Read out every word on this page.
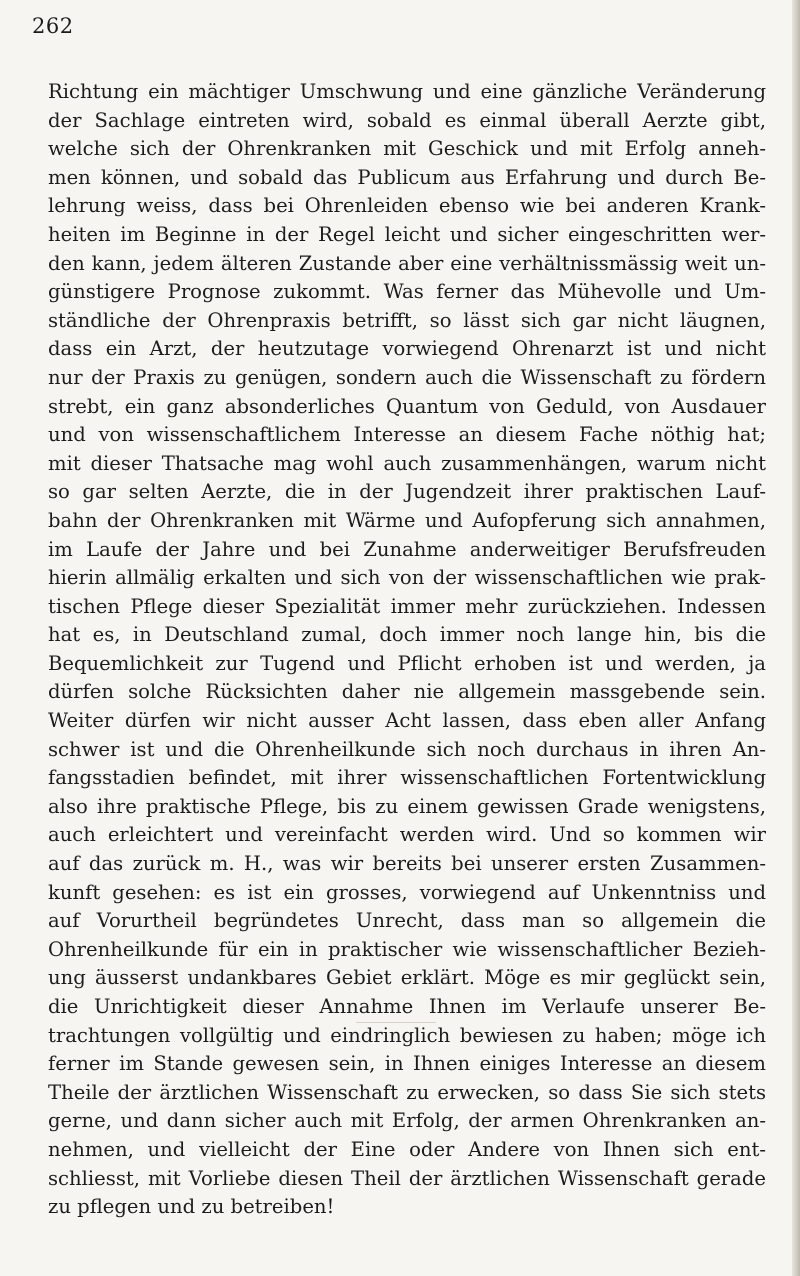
262
Richtung ein mächtiger Umschwung und eine gänzliche Veränderung
der Sachlage eintreten wird, sobald es einmal überall Aerzte gibt,
welche sich der Ohrenkranken mit Geschick und mit Erfolg anneh-
men können, und sobald das Publicum aus Erfahrung und durch Be-
lehrung weiss, dass bei Ohrenleiden ebenso wie bei anderen Krank-
heiten im Beginne in der Regel leicht und sicher eingeschritten wer-
den kann, jedem älteren Zustande aber eine verhältnissmässig weit un-
günstigere Prognose zukommt. Was ferner das Mühevolle und Um-
ständliche der Ohrenpraxis betrifft, so lässt sich gar nicht läugnen,
dass ein Arzt, der heutzutage vorwiegend Ohrenarzt ist und nicht
nur der Praxis zu genügen, sondern auch die Wissenschaft zu fördern
strebt, ein ganz absonderliches Quantum von Geduld, von Ausdauer
und von wissenschaftlichem Interesse an diesem Fache nöthig hat;
mit dieser Thatsache mag wohl auch zusammenhängen, warum nicht
so gar selten Aerzte, die in der Jugendzeit ihrer praktischen Lauf-
bahn der Ohrenkranken mit Wärme und Aufopferung sich annahmen,
im Laufe der Jahre und bei Zunahme anderweitiger Berufsfreuden
hierin allmälig erkalten und sich von der wissenschaftlichen wie prak-
tischen Pflege dieser Spezialität immer mehr zurückziehen. Indessen
hat es, in Deutschland zumal, doch immer noch lange hin, bis die
Bequemlichkeit zur Tugend und Pflicht erhoben ist und werden, ja
dürfen solche Rücksichten daher nie allgemein massgebende sein.
Weiter dürfen wir nicht ausser Acht lassen, dass eben aller Anfang
schwer ist und die Ohrenheilkunde sich noch durchaus in ihren An-
fangsstadien befindet, mit ihrer wissenschaftlichen Fortentwicklung
also ihre praktische Pflege, bis zu einem gewissen Grade wenigstens,
auch erleichtert und vereinfacht werden wird. Und so kommen wir
auf das zurück m. H., was wir bereits bei unserer ersten Zusammen-
kunft gesehen: es ist ein grosses, vorwiegend auf Unkenntniss und
auf Vorurtheil begründetes Unrecht, dass man so allgemein die
Ohrenheilkunde für ein in praktischer wie wissenschaftlicher Bezieh-
ung äusserst undankbares Gebiet erklärt. Möge es mir geglückt sein,
die Unrichtigkeit dieser Annahme Ihnen im Verlaufe unserer Be-
trachtungen vollgültig und eindringlich bewiesen zu haben; möge ich
ferner im Stande gewesen sein, in Ihnen einiges Interesse an diesem
Theile der ärztlichen Wissenschaft zu erwecken, so dass Sie sich stets
gerne, und dann sicher auch mit Erfolg, der armen Ohrenkranken an-
nehmen, und vielleicht der Eine oder Andere von Ihnen sich ent-
schliesst, mit Vorliebe diesen Theil der ärztlichen Wissenschaft gerade
zu pflegen und zu betreiben!
